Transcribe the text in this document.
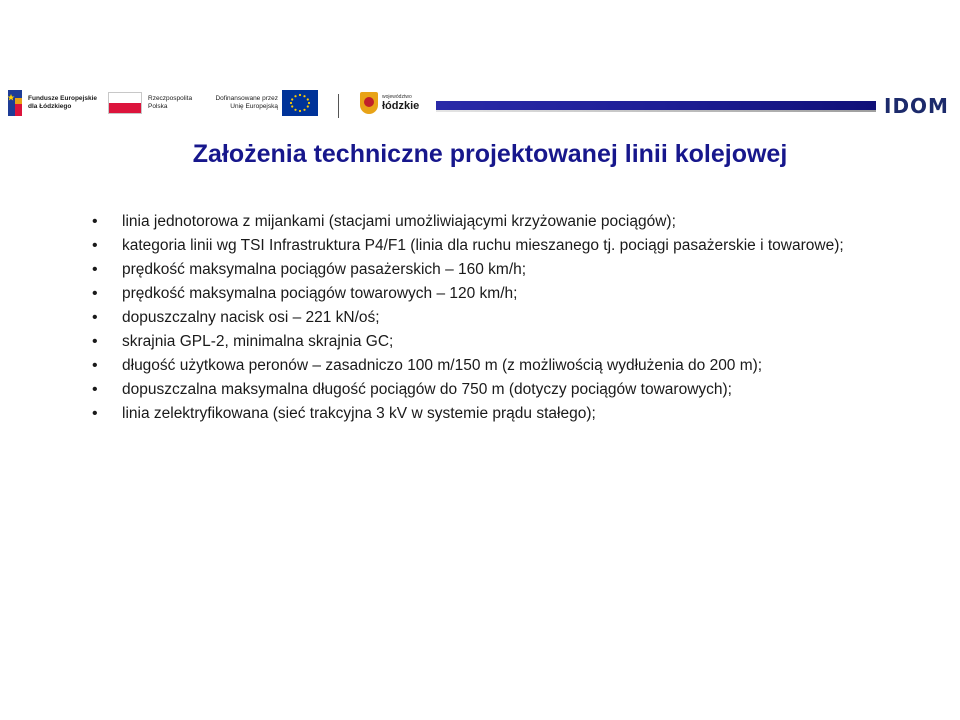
Fundusze Europejskie dla Łódzkiego
Rzeczpospolita Polska
Dofinansowane przez Unię Europejską
województwo
łódzkie	IDOM
Założenia techniczne projektowanej linii kolejowej
• linia jednotorowa z mijankami (stacjami umożliwiającymi krzyżowanie pociągów);
• kategoria linii wg TSI Infrastruktura P4/F1 (linia dla ruchu mieszanego tj. pociągi pasażerskie i towarowe);
• prędkość maksymalna pociągów pasażerskich – 160 km/h;
• prędkość maksymalna pociągów towarowych – 120 km/h;
• dopuszczalny nacisk osi – 221 kN/oś;
• skrajnia GPL-2, minimalna skrajnia GC;
• długość użytkowa peronów – zasadniczo 100 m/150 m (z możliwością wydłużenia do 200 m);
• dopuszczalna maksymalna długość pociągów do 750 m (dotyczy pociągów towarowych);
• linia zelektryfikowana (sieć trakcyjna 3 kV w systemie prądu stałego);
